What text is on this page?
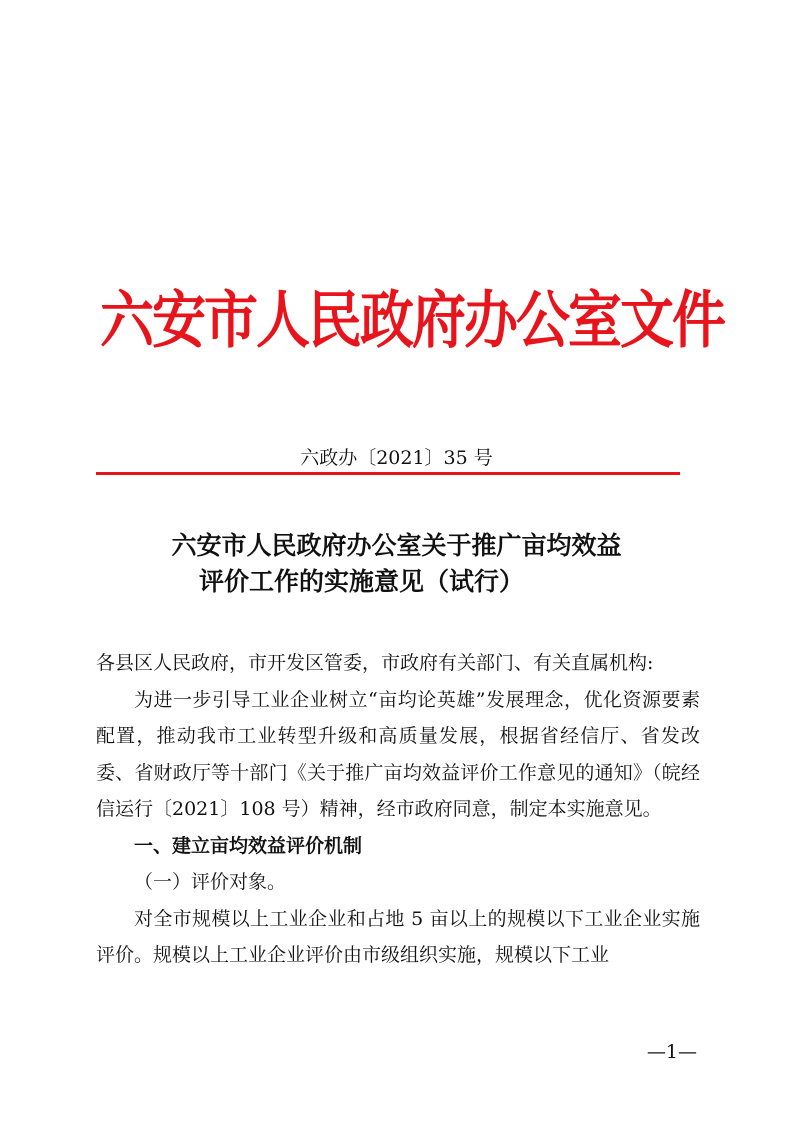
六安市人民政府办公室文件
六政办〔2021〕35 号
六安市人民政府办公室关于推广亩均效益
评价工作的实施意见（试行）

各县区人民政府，市开发区管委，市政府有关部门、有关直属机构:

为进一步引导工业企业树立“亩均论英雄”发展理念，优化资源要素配置，推动我市工业转型升级和高质量发展，根据省经信厅、省发改委、省财政厅等十部门《关于推广亩均效益评价工作意见的通知》（皖经信运行〔2021〕108 号）精神，经市政府同意，制定本实施意见。

一、建立亩均效益评价机制

（一）评价对象。

对全市规模以上工业企业和占地 5 亩以上的规模以下工业企业实施评价。规模以上工业企业评价由市级组织实施，规模以下工业

—1—
